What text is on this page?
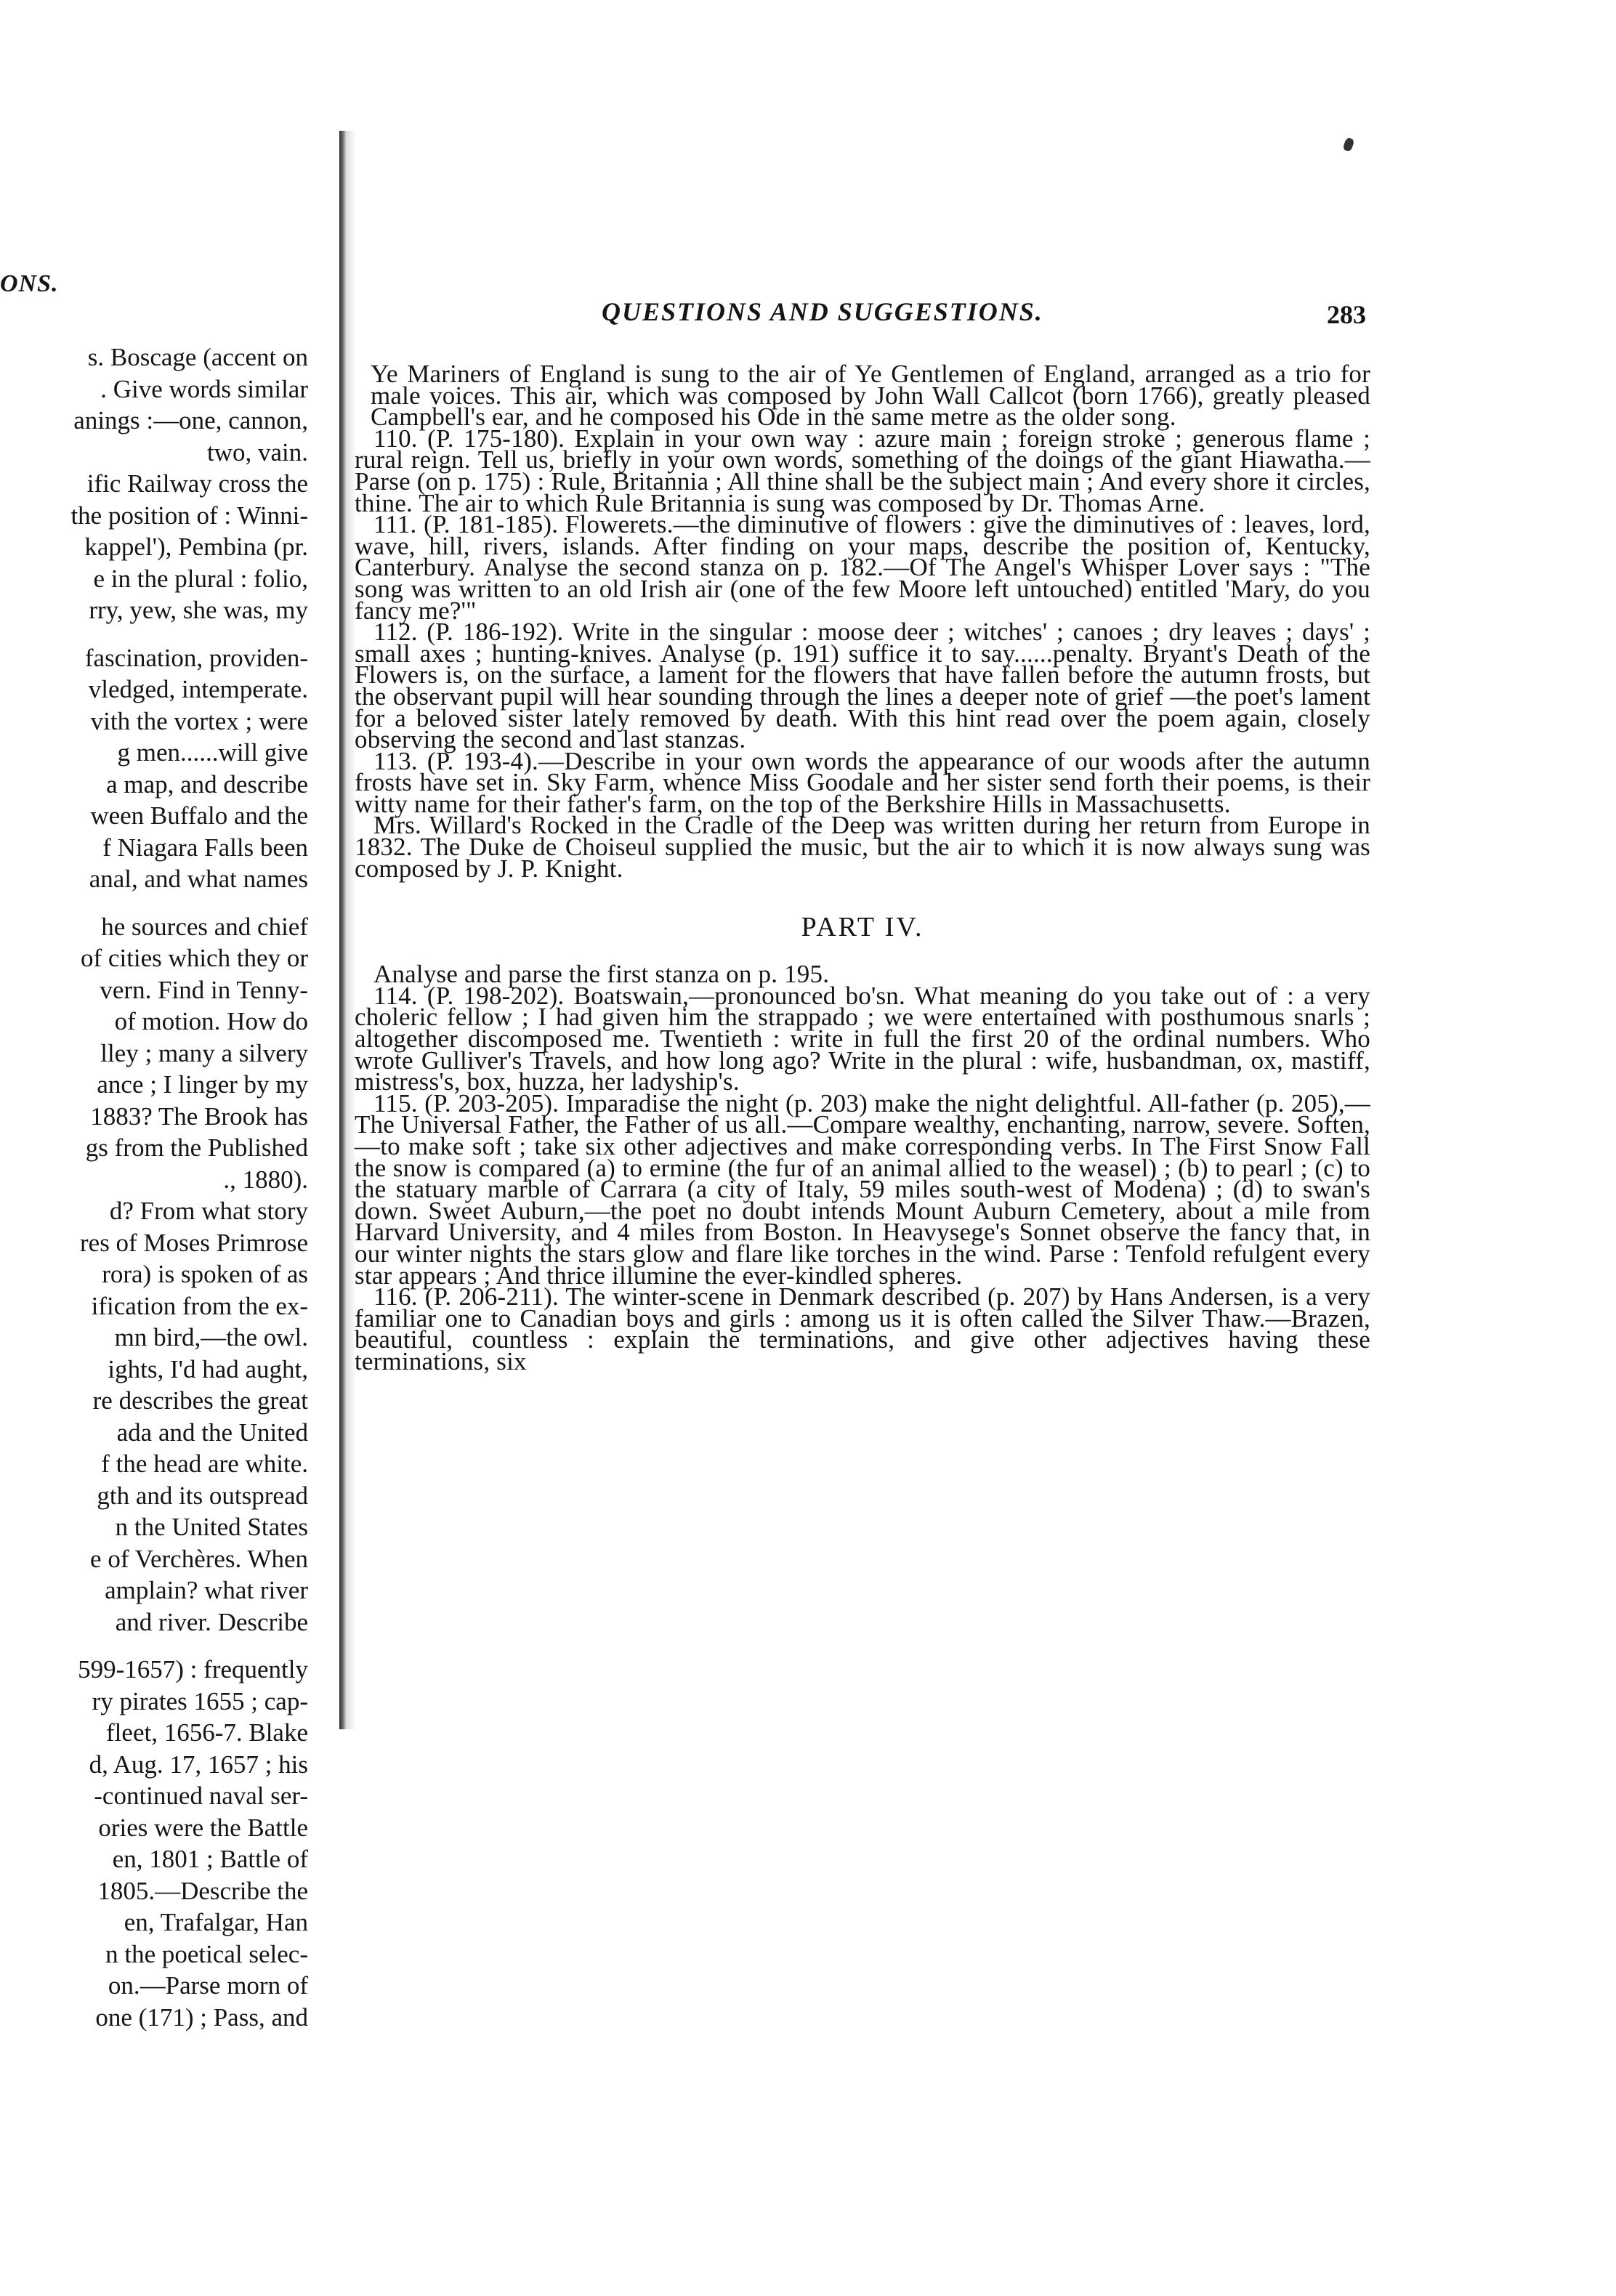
ONS.
s. Boscage (accent on
. Give words similar
anings :—one, cannon,
two, vain.
ific Railway cross the
the position of : Winni-
kappel'), Pembina (pr.
e in the plural : folio,
rry, yew, she was, my
fascination, providen-
vledged, intemperate.
vith the vortex ; were
g men......will give
a map, and describe
ween Buffalo and the
f Niagara Falls been
anal, and what names
he sources and chief
of cities which they or
vern. Find in Tenny-
of motion. How do
lley ; many a silvery
ance ; I linger by my
1883? The Brook has
gs from the Published
., 1880).
d? From what story
res of Moses Primrose
rora) is spoken of as
ification from the ex-
mn bird,—the owl.
ights, I'd had aught,
re describes the great
ada and the United
f the head are white.
gth and its outspread
n the United States
e of Verchères. When
amplain? what river
and river. Describe
599-1657) : frequently
ry pirates 1655 ; cap-
fleet, 1656-7. Blake
d, Aug. 17, 1657 ; his
-continued naval ser-
ories were the Battle
en, 1801 ; Battle of
1805.—Describe the
en, Trafalgar, Han
n the poetical selec-
on.—Parse morn of
one (171) ; Pass, and
QUESTIONS AND SUGGESTIONS.	283

Ye Mariners of England is sung to the air of Ye Gentlemen of England, arranged as a trio for male voices. This air, which was composed by John Wall Callcot (born 1766), greatly pleased Campbell's ear, and he composed his Ode in the same metre as the older song.

110. (P. 175-180). Explain in your own way : azure main ; foreign stroke ; generous flame ; rural reign. Tell us, briefly in your own words, something of the doings of the giant Hiawatha.—Parse (on p. 175) : Rule, Britannia ; All thine shall be the subject main ; And every shore it circles, thine. The air to which Rule Britannia is sung was composed by Dr. Thomas Arne.

111. (P. 181-185). Flowerets.—the diminutive of flowers : give the diminutives of : leaves, lord, wave, hill, rivers, islands. After finding on your maps, describe the position of, Kentucky, Canterbury. Analyse the second stanza on p. 182.—Of The Angel's Whisper Lover says : "The song was written to an old Irish air (one of the few Moore left untouched) entitled 'Mary, do you fancy me?'"

112. (P. 186-192). Write in the singular : moose deer ; witches' ; canoes ; dry leaves ; days' ; small axes ; hunting-knives. Analyse (p. 191) suffice it to say......penalty. Bryant's Death of the Flowers is, on the surface, a lament for the flowers that have fallen before the autumn frosts, but the observant pupil will hear sounding through the lines a deeper note of grief —the poet's lament for a beloved sister lately removed by death. With this hint read over the poem again, closely observing the second and last stanzas.

113. (P. 193-4).—Describe in your own words the appearance of our woods after the autumn frosts have set in. Sky Farm, whence Miss Goodale and her sister send forth their poems, is their witty name for their father's farm, on the top of the Berkshire Hills in Massachusetts.

Mrs. Willard's Rocked in the Cradle of the Deep was written during her return from Europe in 1832. The Duke de Choiseul supplied the music, but the air to which it is now always sung was composed by J. P. Knight.

PART IV.

Analyse and parse the first stanza on p. 195.

114. (P. 198-202). Boatswain,—pronounced bo'sn. What meaning do you take out of : a very choleric fellow ; I had given him the strappado ; we were entertained with posthumous snarls ; altogether discomposed me. Twentieth : write in full the first 20 of the ordinal numbers. Who wrote Gulliver's Travels, and how long ago? Write in the plural : wife, husbandman, ox, mastiff, mistress's, box, huzza, her ladyship's.

115. (P. 203-205). Imparadise the night (p. 203) make the night delightful. All-father (p. 205),—The Universal Father, the Father of us all.—Compare wealthy, enchanting, narrow, severe. Soften,—to make soft ; take six other adjectives and make corresponding verbs. In The First Snow Fall the snow is compared (a) to ermine (the fur of an animal allied to the weasel) ; (b) to pearl ; (c) to the statuary marble of Carrara (a city of Italy, 59 miles south-west of Modena) ; (d) to swan's down. Sweet Auburn,—the poet no doubt intends Mount Auburn Cemetery, about a mile from Harvard University, and 4 miles from Boston. In Heavysege's Sonnet observe the fancy that, in our winter nights the stars glow and flare like torches in the wind. Parse : Tenfold refulgent every star appears ; And thrice illumine the ever-kindled spheres.

116. (P. 206-211). The winter-scene in Denmark described (p. 207) by Hans Andersen, is a very familiar one to Canadian boys and girls : among us it is often called the Silver Thaw.—Brazen, beautiful, countless : explain the terminations, and give other adjectives having these terminations, six
